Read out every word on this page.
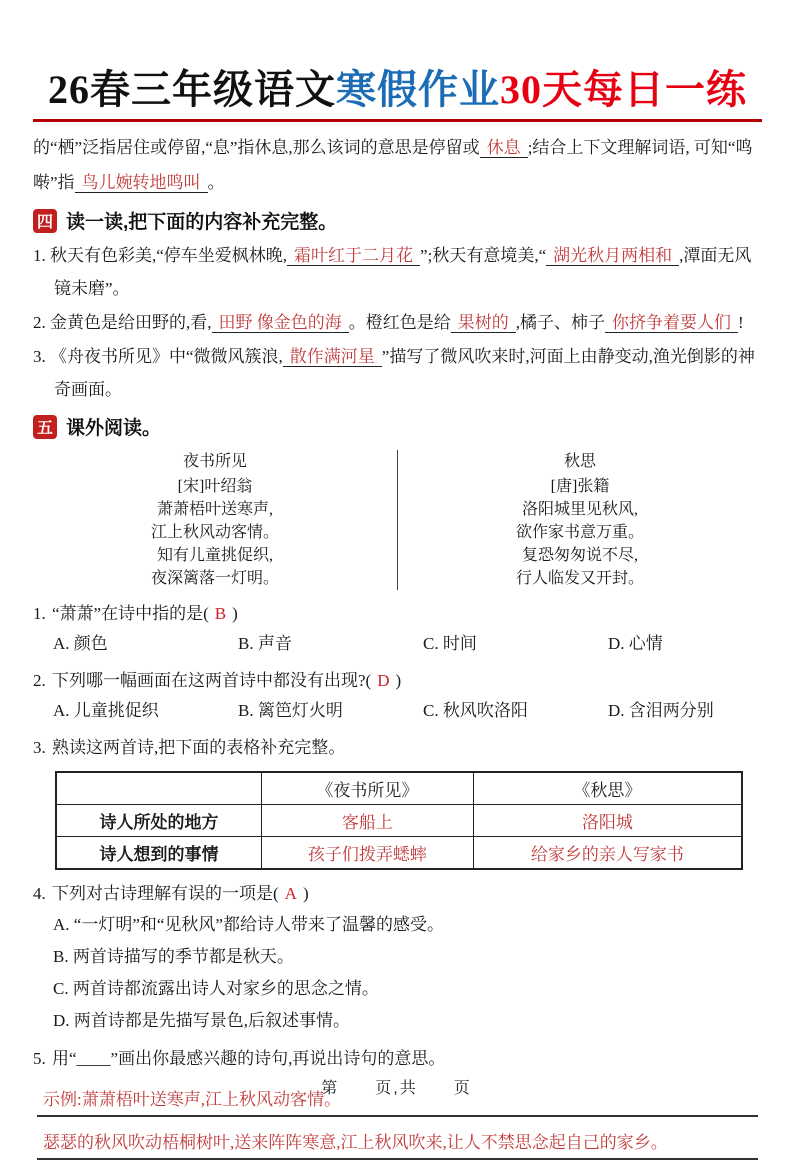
26春三年级语文寒假作业30天每日一练
的“栖”泛指居住或停留,“息”指休息,那么该词的意思是停留或 休息 ;结合上下文理解词语, 可知“鸣啭”指 鸟儿婉转地鸣叫 。
四 读一读,把下面的内容补充完整。
1. 秋天有色彩美,“停车坐爱枫林晚, 霜叶红于二月花 ”;秋天有意境美,“ 湖光秋月两相和 ,潭面无风镜未磨”。
2. 金黄色是给田野的,看, 田野 像金色的海 。橙红色是给 果树的 ,橘子、柿子 你挤争着要人们 !
3. 《舟夜书所见》中“微微风簇浪, 散作满河星 ”描写了微风吹来时,河面上由静变动,渔光倒影的神奇画面。
五 课外阅读。
夜书所见
[宋]叶绍翁
萧萧梧叶送寒声,
江上秋风动客情。
知有儿童挑促织,
夜深篱落一灯明。
秋思
[唐]张籍
洛阳城里见秋风,
欲作家书意万重。
复恐匆匆说不尽,
行人临发又开封。
1. “萧萧”在诗中指的是( B )
A. 颜色	B. 声音	C. 时间	D. 心情
2. 下列哪一幅画面在这两首诗中都没有出现?( D )
A. 儿童挑促织	B. 篱笆灯火明	C. 秋风吹洛阳	D. 含泪两分别
3. 熟读这两首诗,把下面的表格补充完整。
	《夜书所见》	《秋思》
诗人所处的地方	客船上	洛阳城
诗人想到的事情	孩子们拨弄蟋蟀	给家乡的亲人写家书
4. 下列对古诗理解有误的一项是( A )
A. “一灯明”和“见秋风”都给诗人带来了温馨的感受。
B. 两首诗描写的季节都是秋天。
C. 两首诗都流露出诗人对家乡的思念之情。
D. 两首诗都是先描写景色,后叙述事情。
5. 用“____”画出你最感兴趣的诗句,再说出诗句的意思。
示例:萧萧梧叶送寒声,江上秋风动客情。
瑟瑟的秋风吹动梧桐树叶,送来阵阵寒意,江上秋风吹来,让人不禁思念起自己的家乡。
第　　页,共　　页
